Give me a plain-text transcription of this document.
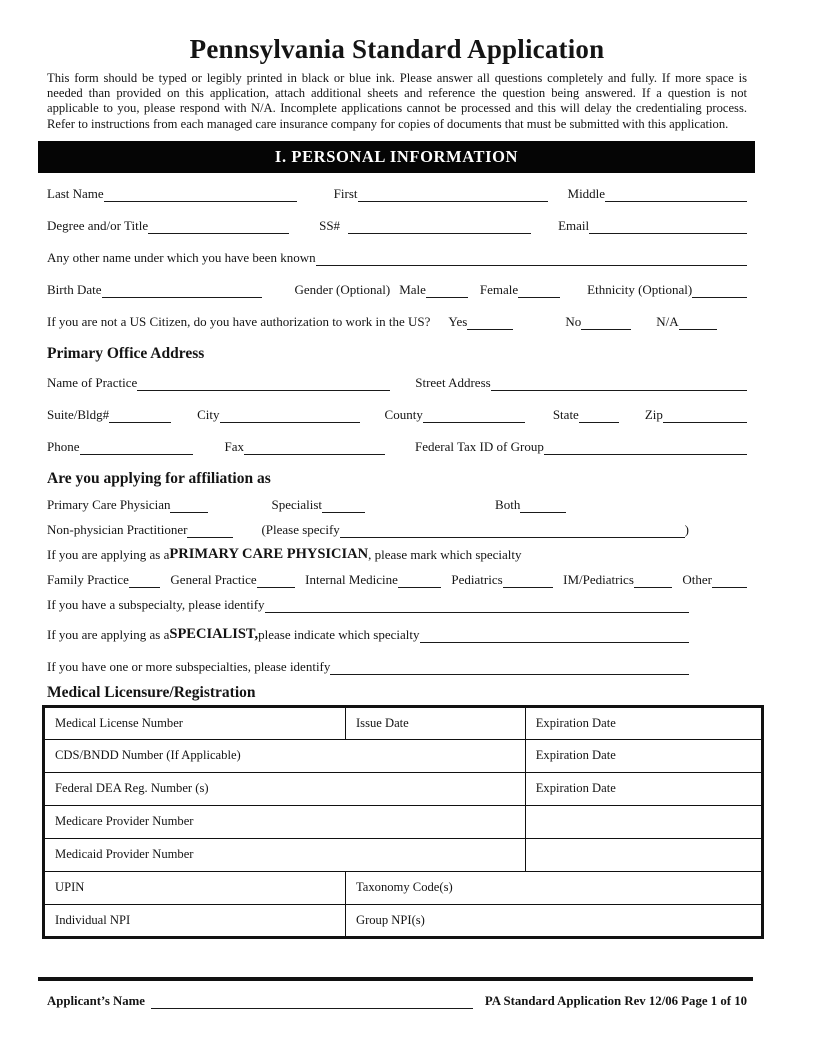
Pennsylvania Standard Application
This form should be typed or legibly printed in black or blue ink. Please answer all questions completely and fully. If more space is needed than provided on this application, attach additional sheets and reference the question being answered. If a question is not applicable to you, please respond with N/A. Incomplete applications cannot be processed and this will delay the credentialing process. Refer to instructions from each managed care insurance company for copies of documents that must be submitted with this application.
I. PERSONAL INFORMATION
Last Name	First	Middle
Degree and/or Title	SS#	Email
Any other name under which you have been known
Birth Date	Gender (Optional) Male	Female	Ethnicity (Optional)
If you are not a US Citizen, do you have authorization to work in the US? Yes	No	N/A
Primary Office Address
Name of Practice	Street Address
Suite/Bldg#	City	County	State	Zip
Phone	Fax	Federal Tax ID of Group
Are you applying for affiliation as
Primary Care Physician	Specialist	Both
Non-physician Practitioner	(Please specify	)
If you are applying as a PRIMARY CARE PHYSICIAN , please mark which specialty
Family Practice	General Practice	Internal Medicine	Pediatrics	IM/Pediatrics	Other
If you have a subspecialty, please identify
If you are applying as a SPECIALIST, please indicate which specialty
If you have one or more subspecialties, please identify
Medical Licensure/Registration
Medical License Number	Issue Date	Expiration Date
CDS/BNDD Number (If Applicable)		Expiration Date
Federal DEA Reg. Number (s)		Expiration Date
Medicare Provider Number		
Medicaid Provider Number		
UPIN	Taxonomy Code(s)	
Individual NPI	Group NPI(s)	
Applicant’s Name	PA Standard Application Rev 12/06 Page 1 of 10
